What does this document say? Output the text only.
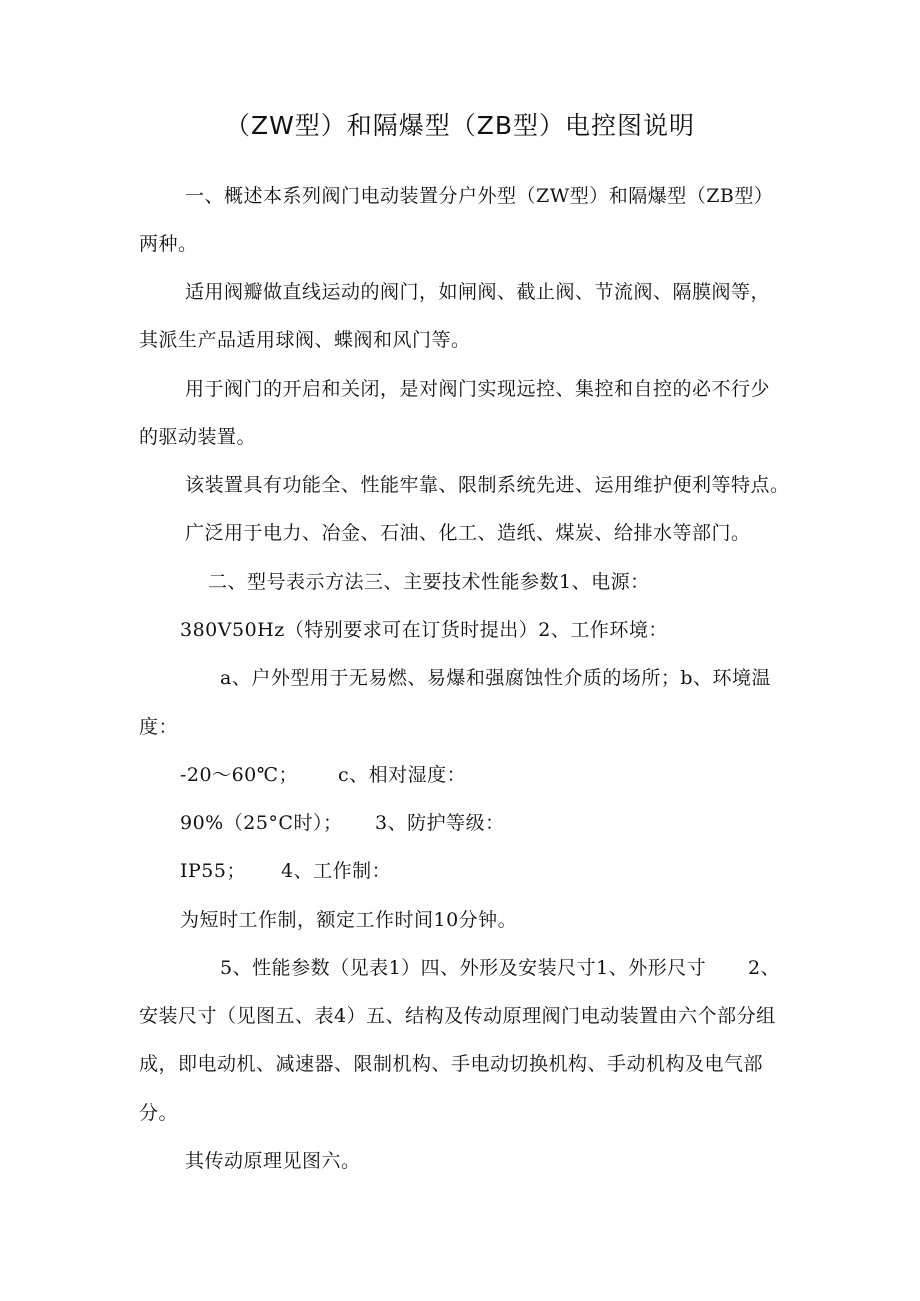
（ZW型）和隔爆型（ZB型）电控图说明
一、概述本系列阀门电动装置分户外型（ZW型）和隔爆型（ZB型）
两种。
适用阀瓣做直线运动的阀门，如闸阀、截止阀、节流阀、隔膜阀等，
其派生产品适用球阀、蝶阀和风门等。
用于阀门的开启和关闭，是对阀门实现远控、集控和自控的必不行少
的驱动装置。
该装置具有功能全、性能牢靠、限制系统先进、运用维护便利等特点。
广泛用于电力、冶金、石油、化工、造纸、煤炭、给排水等部门。
二、型号表示方法三、主要技术性能参数1、电源：
380V50Hz（特别要求可在订货时提出）2、工作环境：
a、户外型用于无易燃、易爆和强腐蚀性介质的场所；b、环境温
度：
-20～60℃； c、相对湿度：
90%（25°C时）； 3、防护等级：
IP55； 4、工作制：
为短时工作制，额定工作时间10分钟。
5、性能参数（见表1）四、外形及安装尺寸1、外形尺寸 2、
安装尺寸（见图五、表4）五、结构及传动原理阀门电动装置由六个部分组
成，即电动机、减速器、限制机构、手电动切换机构、手动机构及电气部
分。
其传动原理见图六。
